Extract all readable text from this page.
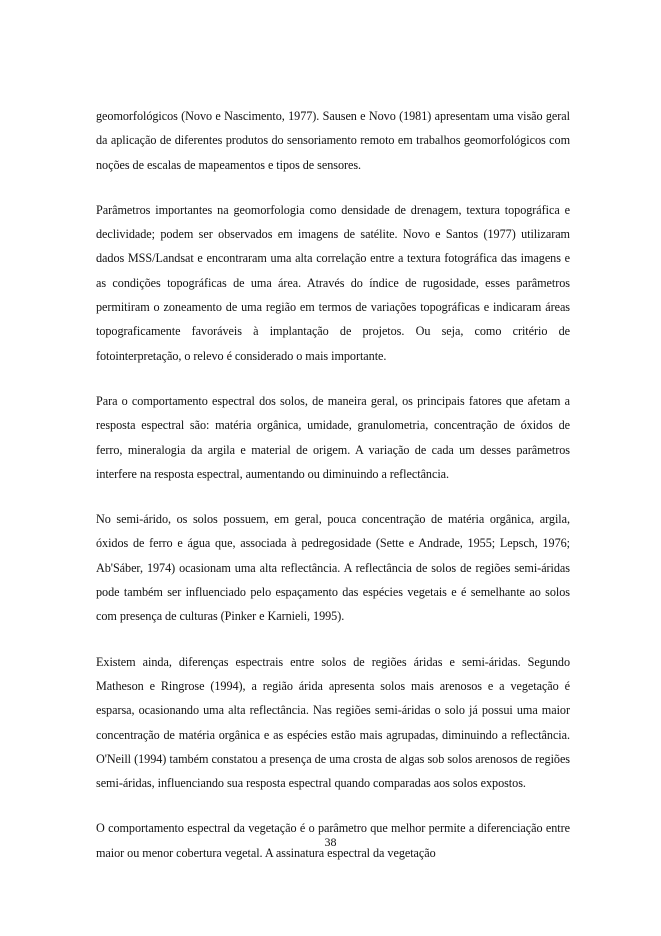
geomorfológicos (Novo e Nascimento, 1977). Sausen e Novo (1981) apresentam uma visão geral da aplicação de diferentes produtos do sensoriamento remoto em trabalhos geomorfológicos com noções de escalas de mapeamentos e tipos de sensores.

Parâmetros importantes na geomorfologia como densidade de drenagem, textura topográfica e declividade; podem ser observados em imagens de satélite. Novo e Santos (1977) utilizaram dados MSS/Landsat e encontraram uma alta correlação entre a textura fotográfica das imagens e as condições topográficas de uma área. Através do índice de rugosidade, esses parâmetros permitiram o zoneamento de uma região em termos de variações topográficas e indicaram áreas topograficamente favoráveis à implantação de projetos. Ou seja, como critério de fotointerpretação, o relevo é considerado o mais importante.

Para o comportamento espectral dos solos, de maneira geral, os principais fatores que afetam a resposta espectral são: matéria orgânica, umidade, granulometria, concentração de óxidos de ferro, mineralogia da argila e material de origem. A variação de cada um desses parâmetros interfere na resposta espectral, aumentando ou diminuindo a reflectância.

No semi-árido, os solos possuem, em geral, pouca concentração de matéria orgânica, argila, óxidos de ferro e água que, associada à pedregosidade (Sette e Andrade, 1955; Lepsch, 1976; Ab'Sáber, 1974) ocasionam uma alta reflectância. A reflectância de solos de regiões semi-áridas pode também ser influenciado pelo espaçamento das espécies vegetais e é semelhante ao solos com presença de culturas (Pinker e Karnieli, 1995).

Existem ainda, diferenças espectrais entre solos de regiões áridas e semi-áridas. Segundo Matheson e Ringrose (1994), a região árida apresenta solos mais arenosos e a vegetação é esparsa, ocasionando uma alta reflectância. Nas regiões semi-áridas o solo já possui uma maior concentração de matéria orgânica e as espécies estão mais agrupadas, diminuindo a reflectância. O'Neill (1994) também constatou a presença de uma crosta de algas sob solos arenosos de regiões semi-áridas, influenciando sua resposta espectral quando comparadas aos solos expostos.

O comportamento espectral da vegetação é o parâmetro que melhor permite a diferenciação entre maior ou menor cobertura vegetal. A assinatura espectral da vegetação

38
